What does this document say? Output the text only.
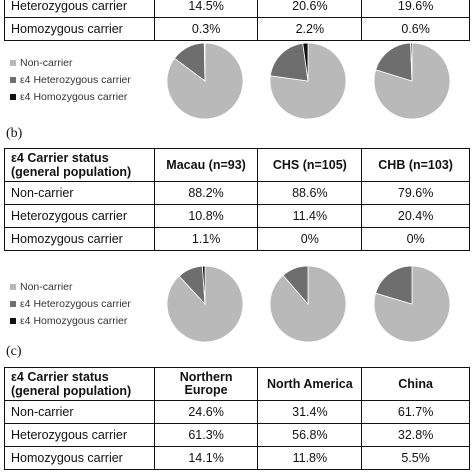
Heterozygous carrier	14.5%	20.6%	19.6%
Homozygous carrier	0.3%	2.2%	0.6%
Non-carrier
ε4 Heterozygous carrier
ε4 Homozygous carrier
(b)
ε4 Carrier status (general population)	Macau (n=93)	CHS (n=105)	CHB (n=103)
Non-carrier	88.2%	88.6%	79.6%
Heterozygous carrier	10.8%	11.4%	20.4%
Homozygous carrier	1.1%	0%	0%
Non-carrier
ε4 Heterozygous carrier
ε4 Homozygous carrier
(c)
ε4 Carrier status (general population)	Northern Europe	North America	China
Non-carrier	24.6%	31.4%	61.7%
Heterozygous carrier	61.3%	56.8%	32.8%
Homozygous carrier	14.1%	11.8%	5.5%
